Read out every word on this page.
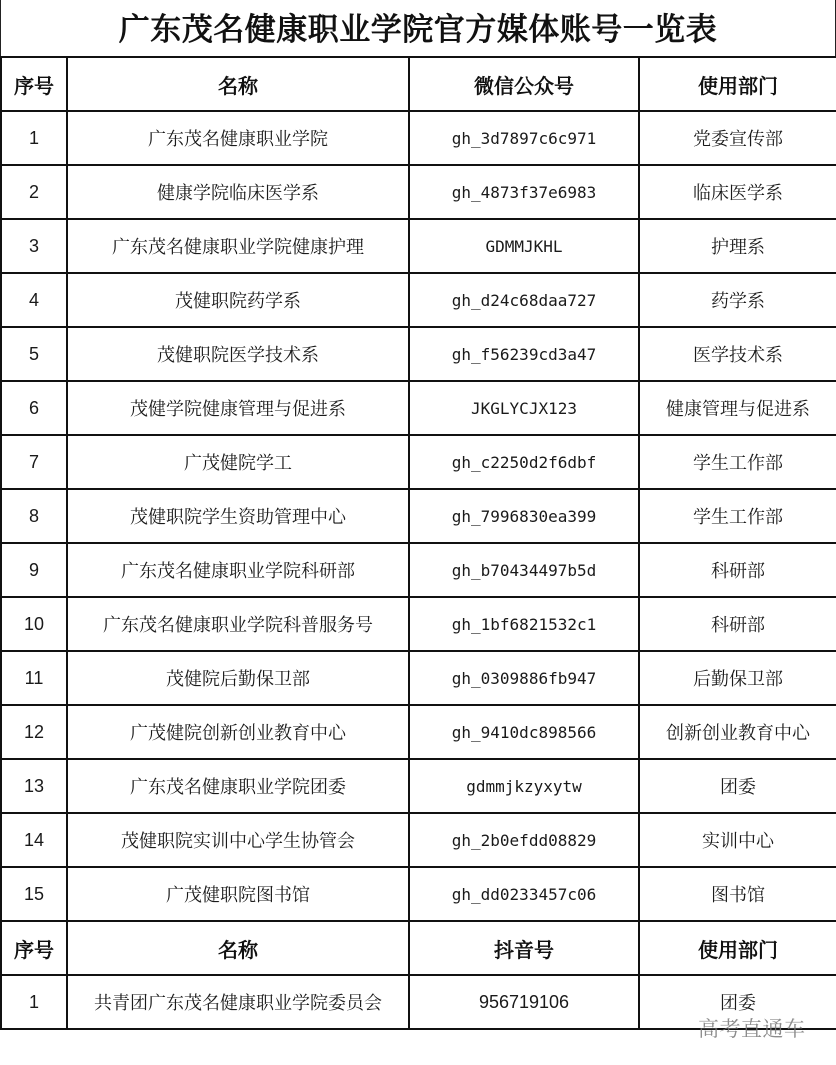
广东茂名健康职业学院官方媒体账号一览表
序号	名称	微信公众号	使用部门
1	广东茂名健康职业学院	gh_3d7897c6c971	党委宣传部
2	健康学院临床医学系	gh_4873f37e6983	临床医学系
3	广东茂名健康职业学院健康护理	GDMMJKHL	护理系
4	茂健职院药学系	gh_d24c68daa727	药学系
5	茂健职院医学技术系	gh_f56239cd3a47	医学技术系
6	茂健学院健康管理与促进系	JKGLYCJX123	健康管理与促进系
7	广茂健院学工	gh_c2250d2f6dbf	学生工作部
8	茂健职院学生资助管理中心	gh_7996830ea399	学生工作部
9	广东茂名健康职业学院科研部	gh_b70434497b5d	科研部
10	广东茂名健康职业学院科普服务号	gh_1bf6821532c1	科研部
11	茂健院后勤保卫部	gh_0309886fb947	后勤保卫部
12	广茂健院创新创业教育中心	gh_9410dc898566	创新创业教育中心
13	广东茂名健康职业学院团委	gdmmjkzyxytw	团委
14	茂健职院实训中心学生协管会	gh_2b0efdd08829	实训中心
15	广茂健职院图书馆	gh_dd0233457c06	图书馆
序号	名称	抖音号	使用部门
1	共青团广东茂名健康职业学院委员会	956719106	团委
高考直通车
